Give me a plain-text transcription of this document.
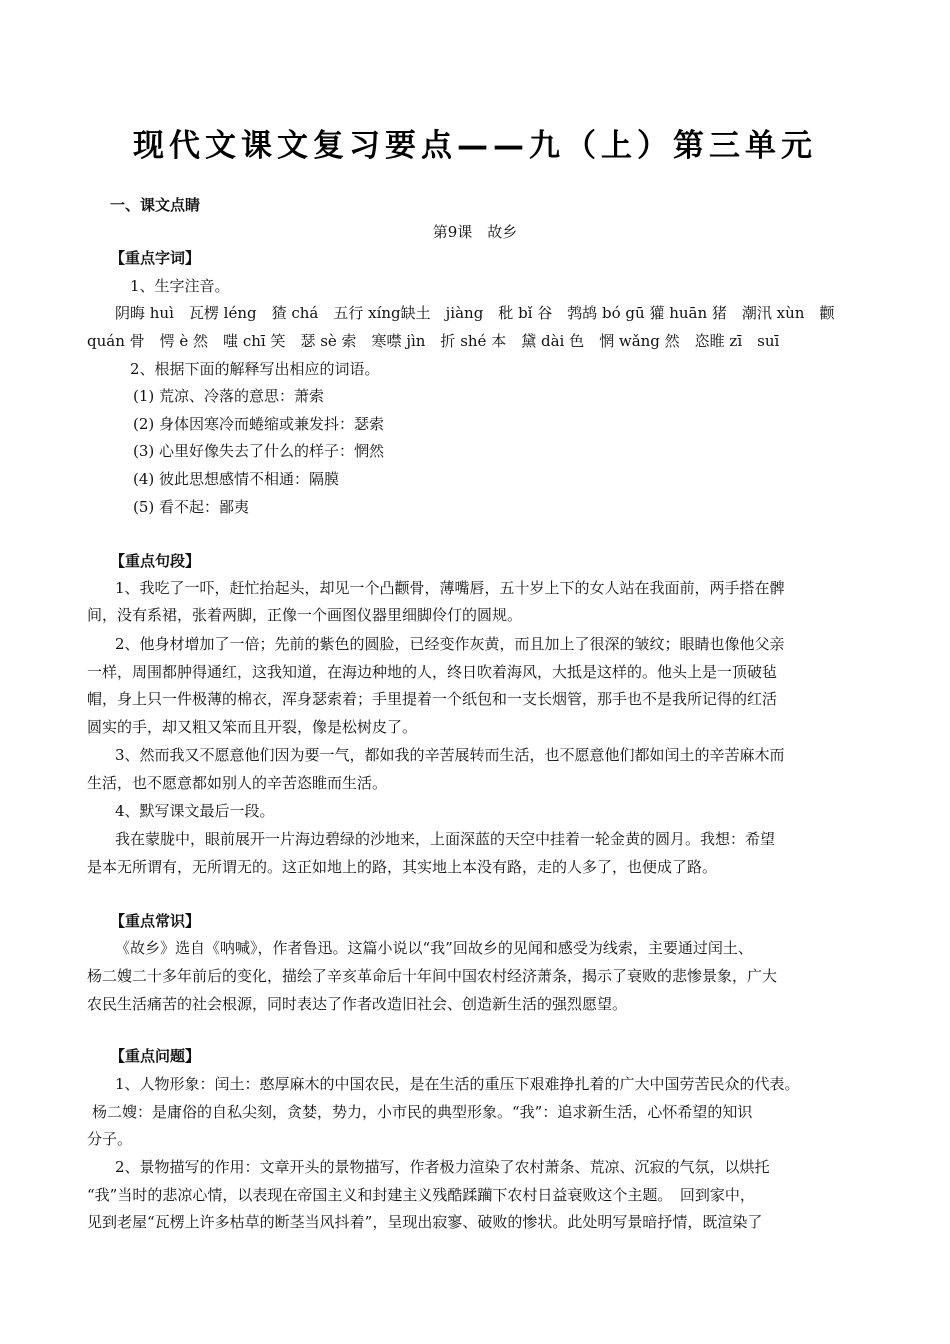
现代文课文复习要点——九（上）第三单元
一、课文点睛
第9课　故乡
【重点字词】
1、生字注音。
阴晦 huì　瓦楞 léng　猹 chá　五行 xíng缺土　jiàng　秕 bǐ 谷　鹁鸪 bó gū 獾 huān 猪　潮汛 xùn　颧
quán 骨　愕 è 然　嗤 chī 笑　瑟 sè 索　寒噤 jìn　折 shé 本　黛 dài 色　惘 wǎng 然　恣睢 zī　suī
2、根据下面的解释写出相应的词语。
(1) 荒凉、冷落的意思：萧索
(2) 身体因寒冷而蜷缩或兼发抖：瑟索
(3) 心里好像失去了什么的样子：惘然
(4) 彼此思想感情不相通：隔膜
(5) 看不起：鄙夷
【重点句段】
1、我吃了一吓，赶忙抬起头，却见一个凸颧骨，薄嘴唇，五十岁上下的女人站在我面前，两手搭在髀
间，没有系裙，张着两脚，正像一个画图仪器里细脚伶仃的圆规。
2、他身材增加了一倍；先前的紫色的圆脸，已经变作灰黄，而且加上了很深的皱纹；眼睛也像他父亲
一样，周围都肿得通红，这我知道，在海边种地的人，终日吹着海风，大抵是这样的。他头上是一顶破毡
帽，身上只一件极薄的棉衣，浑身瑟索着；手里提着一个纸包和一支长烟管，那手也不是我所记得的红活
圆实的手，却又粗又笨而且开裂，像是松树皮了。
3、然而我又不愿意他们因为要一气，都如我的辛苦展转而生活，也不愿意他们都如闰土的辛苦麻木而
生活，也不愿意都如别人的辛苦恣睢而生活。
4、默写课文最后一段。
我在蒙胧中，眼前展开一片海边碧绿的沙地来，上面深蓝的天空中挂着一轮金黄的圆月。我想：希望
是本无所谓有，无所谓无的。这正如地上的路，其实地上本没有路，走的人多了，也便成了路。
【重点常识】
《故乡》选自《呐喊》，作者鲁迅。这篇小说以“我”回故乡的见闻和感受为线索，主要通过闰土、
杨二嫂二十多年前后的变化，描绘了辛亥革命后十年间中国农村经济萧条，揭示了衰败的悲惨景象，广大
农民生活痛苦的社会根源，同时表达了作者改造旧社会、创造新生活的强烈愿望。
【重点问题】
1、人物形象：闰土：憨厚麻木的中国农民，是在生活的重压下艰难挣扎着的广大中国劳苦民众的代表。
杨二嫂：是庸俗的自私尖刻，贪婪，势力，小市民的典型形象。“我”：追求新生活，心怀希望的知识
分子。
2、景物描写的作用：文章开头的景物描写，作者极力渲染了农村萧条、荒凉、沉寂的气氛，以烘托
“我”当时的悲凉心情，以表现在帝国主义和封建主义残酷蹂躏下农村日益衰败这个主题。　回到家中，
见到老屋“瓦楞上许多枯草的断茎当风抖着”，呈现出寂寥、破败的惨状。此处明写景暗抒情，既渲染了
